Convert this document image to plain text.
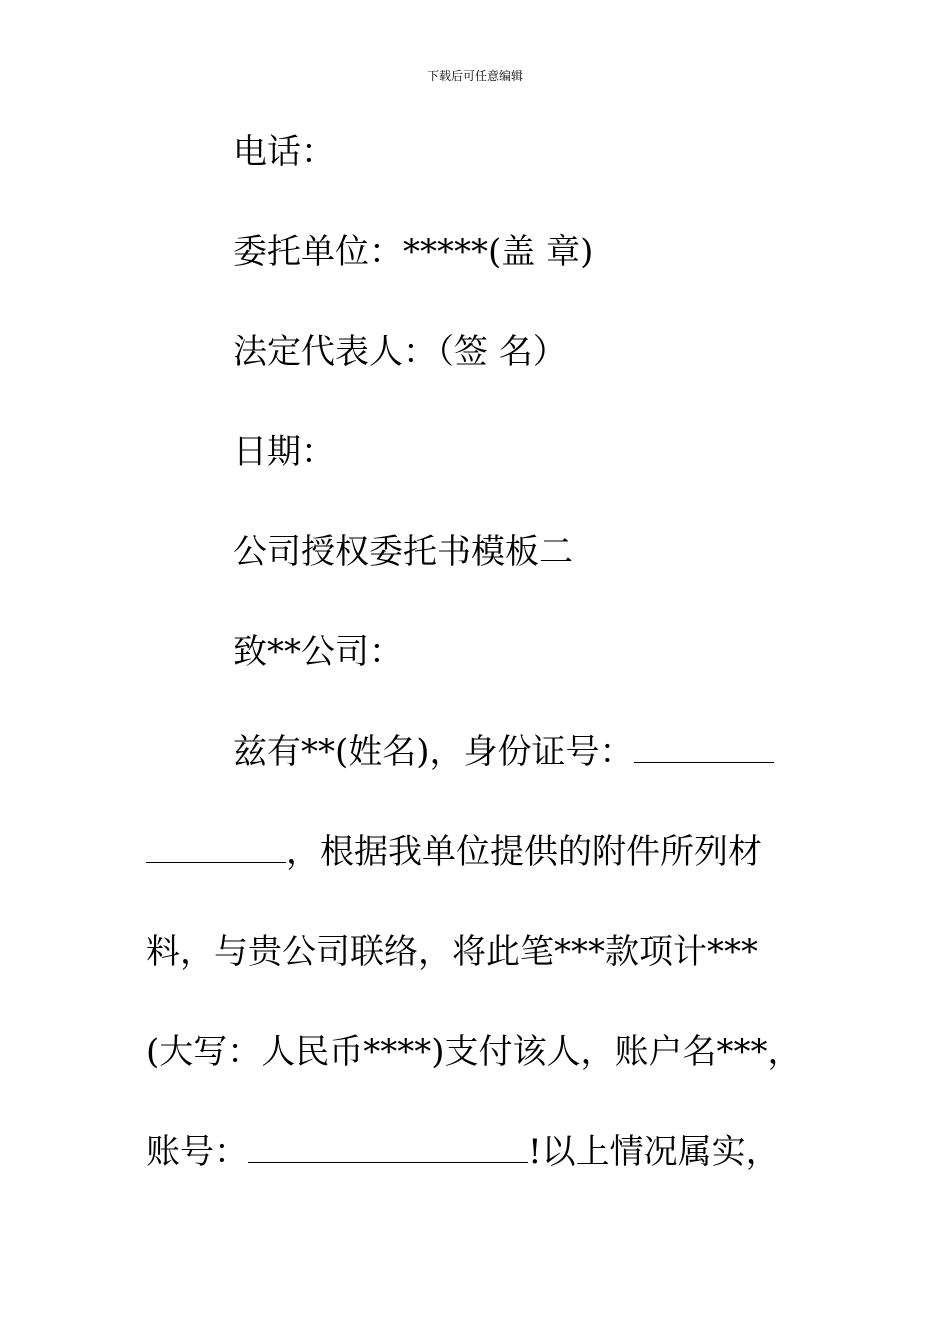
下载后可任意编辑
电话：
委托单位：*****(盖 章)
法定代表人：（签 名）
日期：
公司授权委托书模板二
致**公司：
兹有**(姓名)，身份证号：
，根据我单位提供的附件所列材
料，与贵公司联络，将此笔***款项计***
(大写：人民币****)支付该人，账户名***，
账号：	!以上情况属实，
